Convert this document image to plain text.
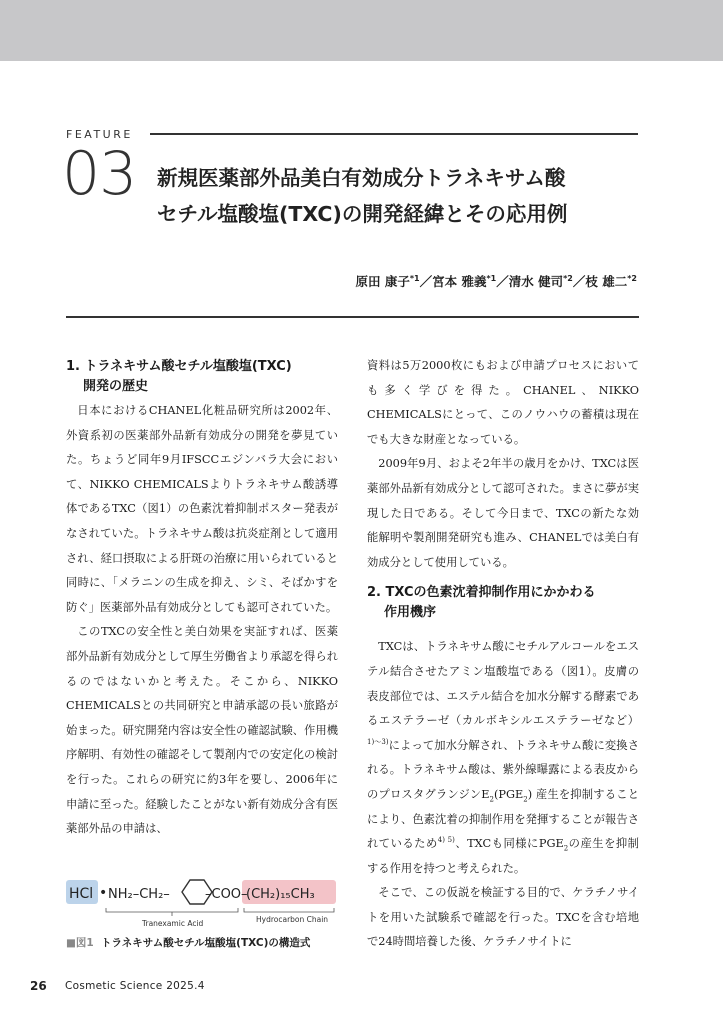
FEATURE
03 新規医薬部外品美白有効成分トラネキサム酸
セチル塩酸塩(TXC)の開発経緯とその応用例
原田 康子$^{*1}$／宮本 雅義$^{*1}$／清水 健司$^{*2}$／枝 雄二$^{*2}$
1. トラネキサム酸セチル塩酸塩(TXC)
開発の歴史

日本におけるCHANEL化粧品研究所は2002年、外資系初の医薬部外品新有効成分の開発を夢見ていた。ちょうど同年9月IFSCCエジンバラ大会において、NIKKO CHEMICALSよりトラネキサム酸誘導体であるTXC（図1）の色素沈着抑制ポスター発表がなされていた。トラネキサム酸は抗炎症剤として適用され、経口摂取による肝斑の治療に用いられていると同時に、「メラニンの生成を抑え、シミ、そばかすを防ぐ」医薬部外品有効成分としても認可されていた。

このTXCの安全性と美白効果を実証すれば、医薬部外品新有効成分として厚生労働省より承認を得られるのではないかと考えた。そこから、NIKKO CHEMICALSとの共同研究と申請承認の長い旅路が始まった。研究開発内容は安全性の確認試験、作用機序解明、有効性の確認そして製剤内での安定化の検討を行った。これらの研究に約3年を要し、2006年に申請に至った。経験したことがない新有効成分含有医薬部外品の申請は、

HCl • NH₂–CH₂–	–COO–
(CH₂)₁₅CH₃
Tranexamic Acid	Hydrocarbon Chain
■図1 トラネキサム酸セチル塩酸塩(TXC)の構造式

資料は5万2000枚にもおよび申請プロセスにおいても多く学びを得た。CHANEL、NIKKO CHEMICALSにとって、このノウハウの蓄積は現在でも大きな財産となっている。

2009年9月、およそ2年半の歳月をかけ、TXCは医薬部外品新有効成分として認可された。まさに夢が実現した日である。そして今日まで、TXCの新たな効能解明や製剤開発研究も進み、CHANELでは美白有効成分として使用している。

2. TXCの色素沈着抑制作用にかかわる
作用機序

TXCは、トラネキサム酸にセチルアルコールをエステル結合させたアミン塩酸塩である（図1）。皮膚の表皮部位では、エステル結合を加水分解する酵素であるエステラーゼ（カルボキシルエステラーゼなど）$^{1)〜3)}$によって加水分解され、トラネキサム酸に変換される。トラネキサム酸は、紫外線曝露による表皮からのプロスタグランジン$E_2(PGE_2)$ 産生を抑制することにより、色素沈着の抑制作用を発揮することが報告されているため$^{4) 5)}$、TXCも同様に$PGE_2$の産生を抑制する作用を持つと考えられた。

そこで、この仮説を検証する目的で、ケラチノサイトを用いた試験系で確認を行った。TXCを含む培地で24時間培養した後、ケラチノサイトに

26 Cosmetic Science 2025.4
